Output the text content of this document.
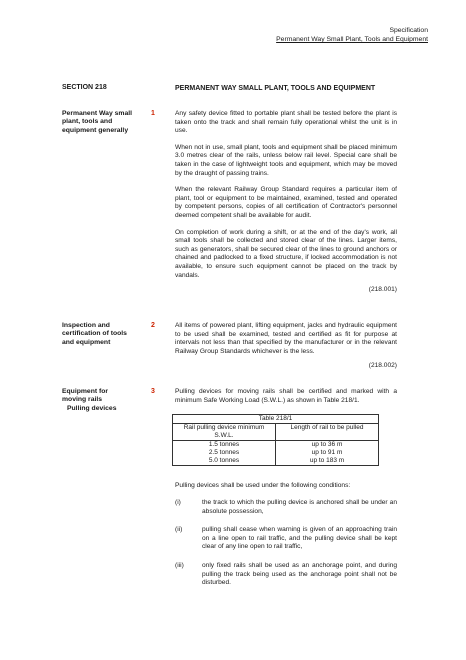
Specification
Permanent Way Small Plant, Tools and Equipment
SECTION 218	PERMANENT WAY SMALL PLANT, TOOLS AND EQUIPMENT
Permanent Way small plant, tools and equipment generally
1	Any safety device fitted to portable plant shall be tested before the plant is taken onto the track and shall remain fully operational whilst the unit is in use.

When not in use, small plant, tools and equipment shall be placed minimum 3.0 metres clear of the rails, unless below rail level. Special care shall be taken in the case of lightweight tools and equipment, which may be moved by the draught of passing trains.

When the relevant Railway Group Standard requires a particular item of plant, tool or equipment to be maintained, examined, tested and operated by competent persons, copies of all certification of Contractor's personnel deemed competent shall be available for audit.

On completion of work during a shift, or at the end of the day's work, all small tools shall be collected and stored clear of the lines. Larger items, such as generators, shall be secured clear of the lines to ground anchors or chained and padlocked to a fixed structure, if locked accommodation is not available, to ensure such equipment cannot be placed on the track by vandals.

(218.001)
Inspection and certification of tools and equipment
2	All items of powered plant, lifting equipment, jacks and hydraulic equipment to be used shall be examined, tested and certified as fit for purpose at intervals not less than that specified by the manufacturer or in the relevant Railway Group Standards whichever is the less.

(218.002)
Equipment for moving rails
Pulling devices
3	Pulling devices for moving rails shall be certified and marked with a minimum Safe Working Load (S.W.L.) as shown in Table 218/1.
Table 218/1	
Rail pulling device minimum S.W.L.	Length of rail to be pulled
1.5 tonnes	up to 36 m
2.5 tonnes	up to 91 m
5.0 tonnes	up to 183 m
Pulling devices shall be used under the following conditions:
(i)	the track to which the pulling device is anchored shall be under an absolute possession,
(ii)	pulling shall cease when warning is given of an approaching train on a line open to rail traffic, and the pulling device shall be kept clear of any line open to rail traffic,
(iii)	only fixed rails shall be used as an anchorage point, and during pulling the track being used as the anchorage point shall not be disturbed.
